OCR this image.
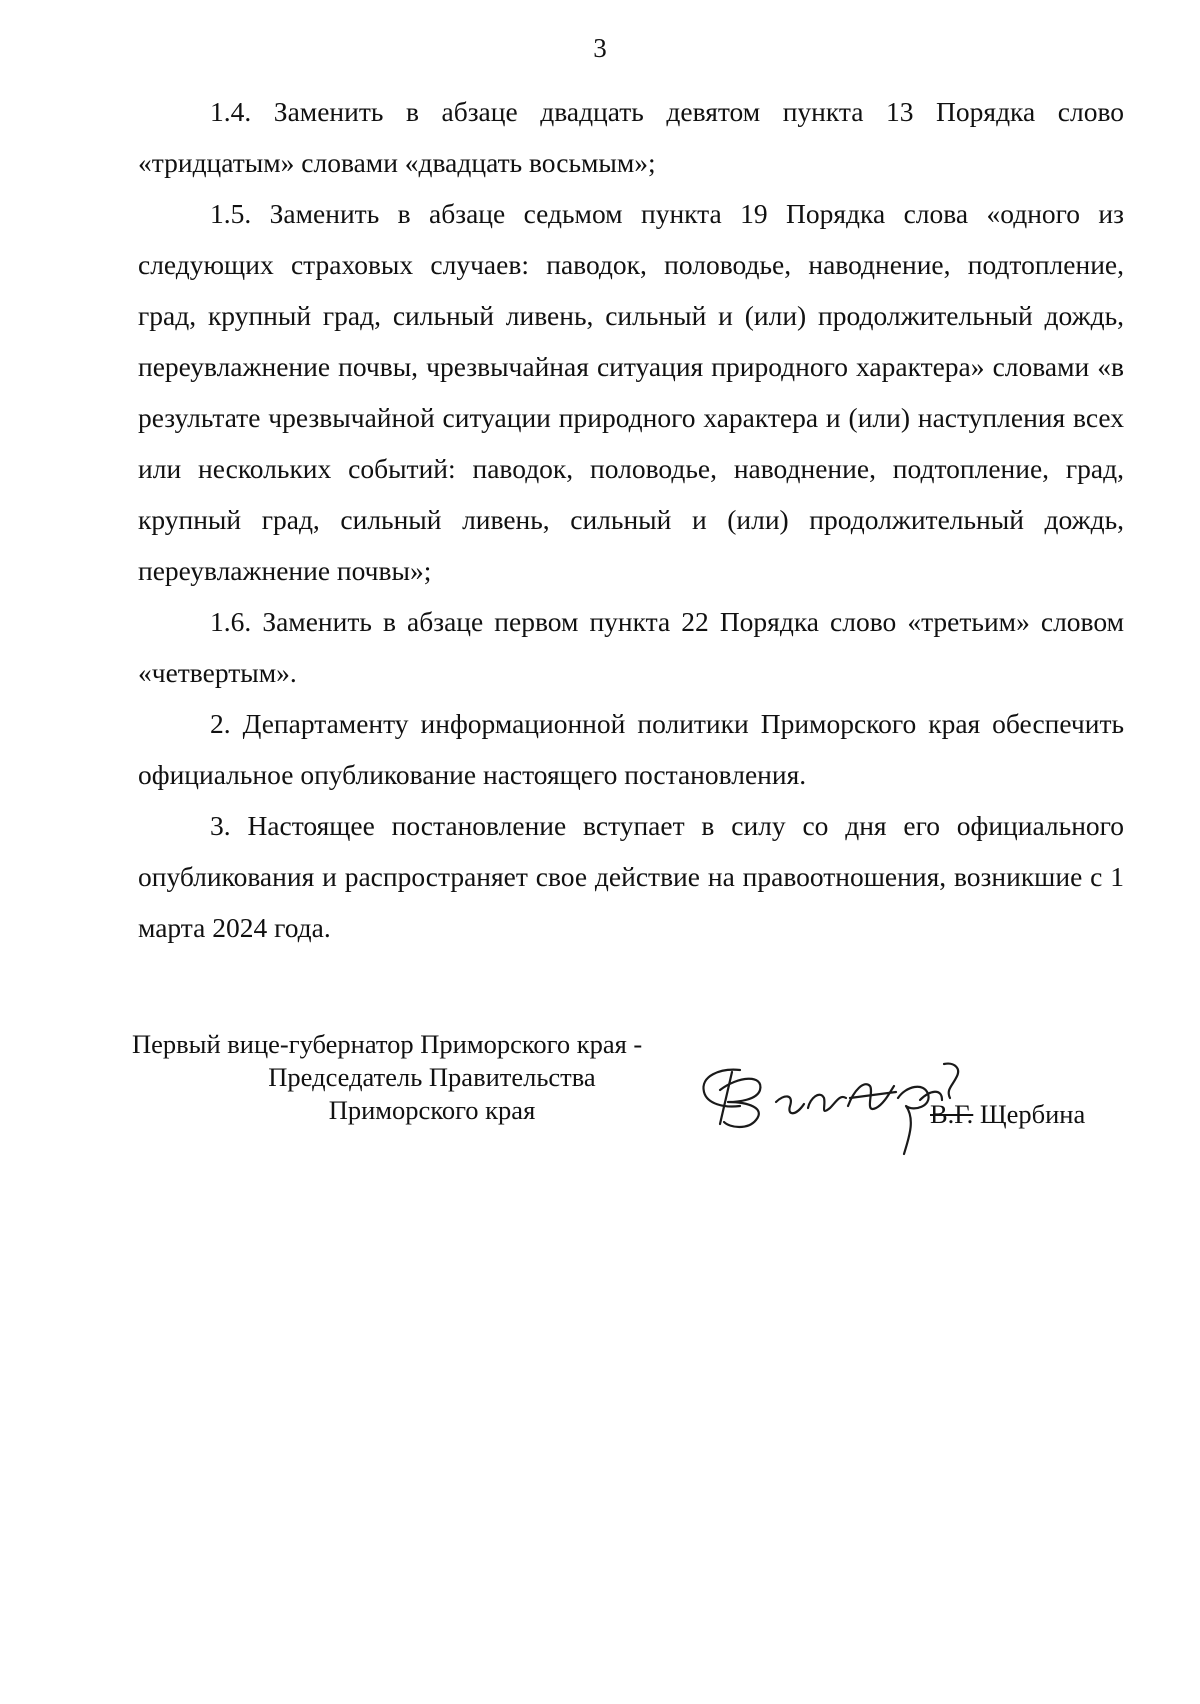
3

1.4. Заменить в абзаце двадцать девятом пункта 13 Порядка слово «тридцатым» словами «двадцать восьмым»;

1.5. Заменить в абзаце седьмом пункта 19 Порядка слова «одного из следующих страховых случаев: паводок, половодье, наводнение, подтопление, град, крупный град, сильный ливень, сильный и (или) продолжительный дождь, переувлажнение почвы, чрезвычайная ситуация природного характера» словами «в результате чрезвычайной ситуации природного характера и (или) наступления всех или нескольких событий: паводок, половодье, наводнение, подтопление, град, крупный град, сильный ливень, сильный и (или) продолжительный дождь, переувлажнение почвы»;

1.6. Заменить в абзаце первом пункта 22 Порядка слово «третьим» словом «четвертым».

2. Департаменту информационной политики Приморского края обеспечить официальное опубликование настоящего постановления.

3. Настоящее постановление вступает в силу со дня его официального опубликования и распространяет свое действие на правоотношения, возникшие с 1 марта 2024 года.

Первый вице-губернатор Приморского края -
Председатель Правительства
Приморского края	В.Г. Щербина
